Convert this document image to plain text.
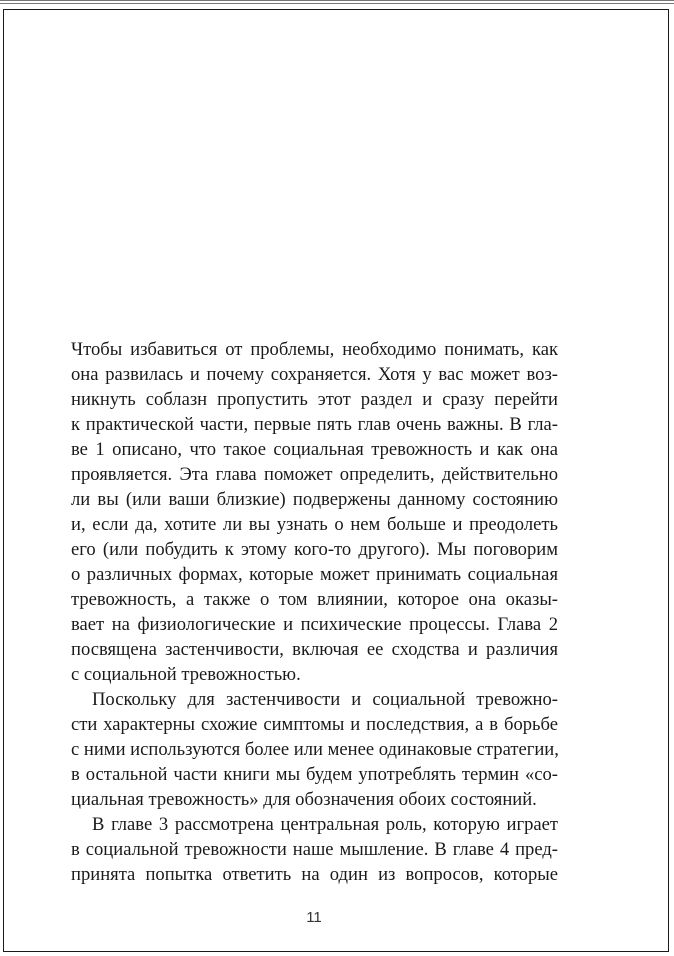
Чтобы избавиться от проблемы, необходимо понимать, как
она развилась и почему сохраняется. Хотя у вас может воз-
никнуть соблазн пропустить этот раздел и сразу перейти
к практической части, первые пять глав очень важны. В гла-
ве 1 описано, что такое социальная тревожность и как она
проявляется. Эта глава поможет определить, действительно
ли вы (или ваши близкие) подвержены данному состоянию
и, если да, хотите ли вы узнать о нем больше и преодолеть
его (или побудить к этому кого-то другого). Мы поговорим
о различных формах, которые может принимать социальная
тревожность, а также о том влиянии, которое она оказы-
вает на физиологические и психические процессы. Глава 2
посвящена застенчивости, включая ее сходства и различия
с социальной тревожностью.
Поскольку для застенчивости и социальной тревожно-
сти характерны схожие симптомы и последствия, а в борьбе
с ними используются более или менее одинаковые стратегии,
в остальной части книги мы будем употреблять термин «со-
циальная тревожность» для обозначения обоих состояний.
В главе 3 рассмотрена центральная роль, которую играет
в социальной тревожности наше мышление. В главе 4 пред-
принята попытка ответить на один из вопросов, которые
11
